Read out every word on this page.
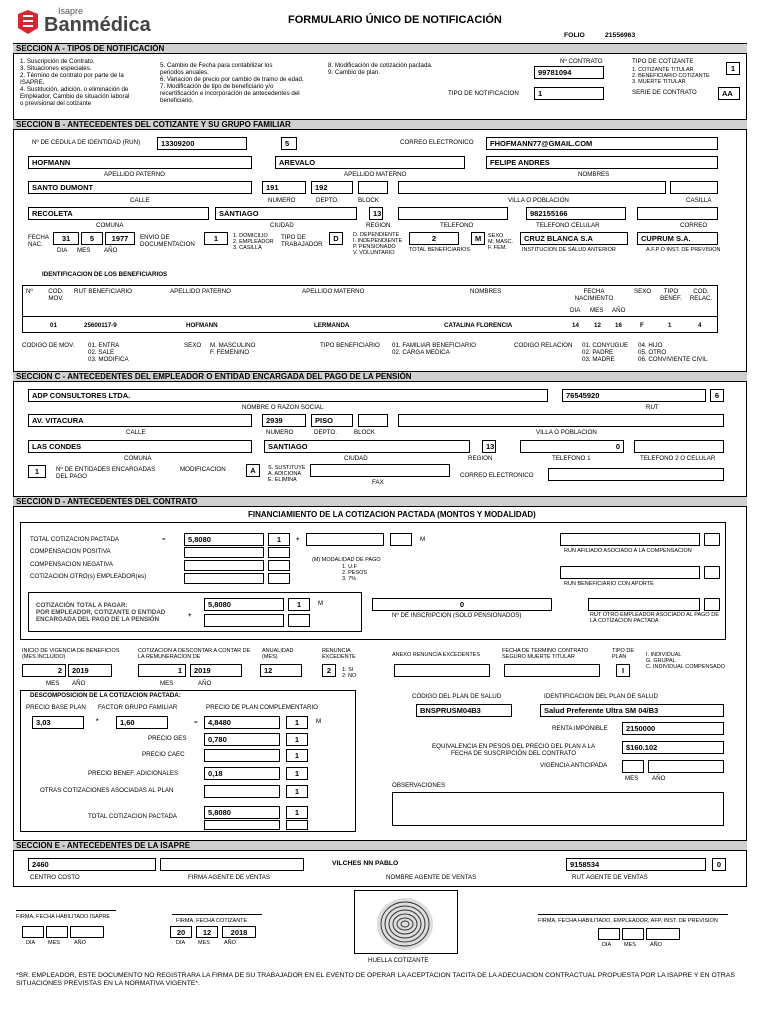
Isapre
Banmédica	FORMULARIO ÚNICO DE NOTIFICACIÓN
FOLIO	21556963
SECCION A - TIPOS DE NOTIFICACIÓN
1. Suscripción de Contrato.
3. Situaciones especiales.
2. Término de contrato por parte de la
ISAPRE.
4. Sustitución, adición, o eliminación de
Empleador, Cambio de situación laboral
o previsional del cotizante
5. Cambio de Fecha para contabilizar los
periodos anuales.
6. Variación de precio por cambio de tramo de edad.
7. Modificación de tipo de beneficiario y/o
recertificación e incorporación de antecedentes del
beneficiario.
8. Modificación de cotización pactada.
9. Cambio de plan.
Nº CONTRATO
99781094
TIPO DE COTIZANTE
1. COTIZANTE TITULAR
2. BENEFICIARIO COTIZANTE
3. MUERTE TITULAR
1
SERIE DE CONTRATO	AA
TIPO DE NOTIFICACION	1
SECCION B - ANTECEDENTES DEL COTIZANTE Y SU GRUPO FAMILIAR
Nº DE CEDULA DE IDENTIDAD (RUN)	13309200	5	CORREO ELECTRONICO	FHOFMANN77@GMAIL.COM
HOFMANN	AREVALO	FELIPE ANDRES
APELLIDO PATERNO	APELLIDO MATERNO	NOMBRES
SANTO DUMONT	191	192
CALLE	NUMERO	DEPTO.	BLOCK	VILLA O POBLACION	CASILLA
RECOLETA	SANTIAGO	13	982155166
COMUNA	CIUDAD	REGION	TELEFONO	TELEFONO CELULAR	CORREO
FECHA NAC.
31	5	1977
DIA MES AÑO
ENVIO DE DOCUMENTACION
1	1. DOMICILIO
2. EMPLEADOR
3. CASILLA
TIPO DE TRABAJADOR
D	D. DEPENDIENTE
I. INDEPENDIENTE
P. PENSIONADO
V. VOLUNTARIO
2
TOTAL BENEFICIARIOS
M	SEXO
M. MASC.
F. FEM.
CRUZ BLANCA S.A
INSTITUCION DE SALUD ANTERIOR
CUPRUM S.A.
A.F.P O INST. DE PREVISION
IDENTIFICACION DE LOS BENEFICIARIOS
Nº	COD. MOV.
RUT BENEFICIARIO	APELLIDO PATERNO	APELLIDO MATERNO	NOMBRES	FECHA NACIMIENTO
SEXO	TIPO BENEF.
COD. RELAC.
DIA MES AÑO
01	25600117-9	HOFMANN	LERMANDA	CATALINA FLORENCIA	14 12 16	F	1	4
CODIGO DE MOV. 01. ENTRA
02. SALE
03. MODIFICA
SEXO M. MASCULINO
F. FEMENINO
TIPO BENEFICIARIO 01. FAMILIAR BENEFICIARIO
02. CARGA MEDICA
CODIGO RELACION 01. CONYUGUE
02. PADRE
03. MADRE
04. HIJO
05. OTRO
06. CONVIVIENTE CIVIL
SECCION C - ANTECEDENTES DEL EMPLEADOR O ENTIDAD ENCARGADA DEL PAGO DE LA PENSIÓN
ADP CONSULTORES LTDA.	76545920	6
NOMBRE O RAZON SOCIAL	RUT
AV. VITACURA	2939	PISO
CALLE	NUMERO	DEPTO.	BLOCK	VILLA O POBLACION
LAS CONDES	SANTIAGO	13	0
COMUNA	CIUDAD	REGION	TELEFONO 1	TELEFONO 2 O CELULAR
1	Nº DE ENTIDADES ENCARGADAS DEL PAGO
MODIFICACION	A	S. SUSTITUYE
A. ADICIONA
E. ELIMINA	FAX
CORREO ELECTRONICO
SECCION D - ANTECEDENTES DEL CONTRATO
FINANCIAMIENTO DE LA COTIZACION PACTADA (MONTOS Y MODALIDAD)
TOTAL COTIZACION PACTADA	=	5,8080	1	+	M
COMPENSACION POSITIVA
COMPENSACION NEGATIVA
COTIZACION OTRO(s) EMPLEADOR(es)
(M) MODALIDAD DE PAGO
1. U.F
2. PESOS
3. 7%
RUN AFILIADO ASOCIADO A LA COMPENSACION
RUN BENEFICIARIO CON APORTE
COTIZACIÓN TOTAL A PAGAR:
POR EMPLEADOR, COTIZANTE O ENTIDAD
ENCARGADA DEL PAGO DE LA PENSIÓN
+
5,8080	1	M	0
Nº DE INSCRIPCION (SOLO PENSIONADOS)	RUT OTRO EMPLEADOR ASOCIADO AL PAGO DE LA COTIZACION PACTADA
INICIO DE VIGENCIA DE BENEFICIOS (MES INCLUIDO)
2	2019
MES AÑO
COTIZACION A DESCONTAR A CONTAR DE LA REMUNERACION DE
1	2019
MES	AÑO
ANUALIDAD (MES)
12
RENUNCIA EXCEDENTE
2	1: SI
2: NO
ANEXO RENUNCIA EXCEDENTES
FECHA DE TERMINO CONTRATO SEGURO MUERTE TITULAR
TIPO DE PLAN
I
I. INDIVIDUAL
G. GRUPAL
C. INDIVIDUAL COMPENSADO
DESCOMPOSICION DE LA COTIZACION PACTADA:
PRECIO BASE PLAN FACTOR GRUPO FAMILIAR	PRECIO DE PLAN COMPLEMENTARIO
3,03	*	1,60	=	4,8480	1	M
PRECIO GES	0,780	1
PRECIO CAEC	1
PRECIO BENEF. ADICIONALES	0,18	1
OTRAS COTIZACIONES ASOCIADAS AL PLAN	1
TOTAL COTIZACION PACTADA	5,8080	1
CÓDIGO DEL PLAN DE SALUD	IDENTIFICACION DEL PLAN DE SALUD
BNSPRUSM04B3	Salud Preferente Ultra SM 04/B3
RENTA IMPONIBLE	2150000
EQUIVALENCIA EN PESOS DEL PRECIO DEL PLAN A LA
FECHA DE SUSCRIPCIÓN DEL CONTRATO
$160.102
VIGENCIA ANTICIPADA
MES AÑO
OBSERVACIONES
SECCION E - ANTECEDENTES DE LA ISAPRE
2460	VILCHES NN PABLO	9158534	0
CENTRO COSTO	FIRMA AGENTE DE VENTAS	NOMBRE AGENTE DE VENTAS	RUT AGENTE DE VENTAS
FIRMA, FECHA HABILITADO ISAPRE
DIA MES	AÑO
FIRMA, FECHA COTIZANTE
20	12	2018
DIA MES	AÑO
HUELLA COTIZANTE
FIRMA, FECHA HABILITADO, EMPLEADOR, AFP, INST. DE PREVISION
DIA MES	AÑO
*SR. EMPLEADOR, ESTE DOCUMENTO NO REGISTRARA LA FIRMA DE SU TRABAJADOR EN EL EVENTO DE OPERAR LA ACEPTACION TACITA DE LA ADECUACION CONTRACTUAL PROPUESTA POR LA ISAPRE Y EN OTRAS SITUACIONES PREVISTAS EN LA NORMATIVA VIGENTE*.
